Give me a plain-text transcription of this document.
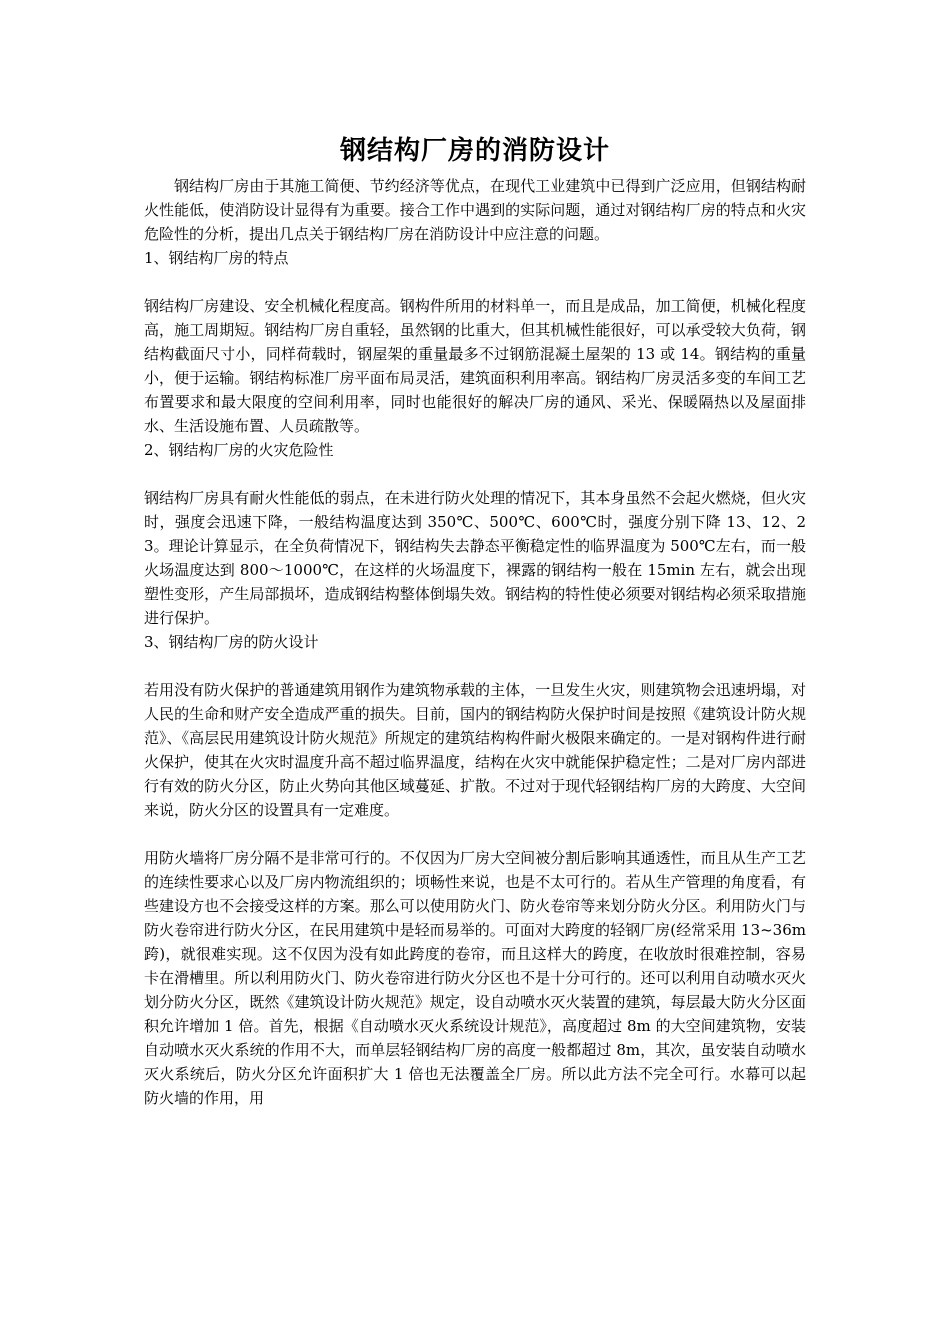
钢结构厂房的消防设计

钢结构厂房由于其施工简便、节约经济等优点，在现代工业建筑中已得到广泛应用，但钢结构耐火性能低，使消防设计显得有为重要。接合工作中遇到的实际问题，通过对钢结构厂房的特点和火灾危险性的分析，提出几点关于钢结构厂房在消防设计中应注意的问题。

1、钢结构厂房的特点

钢结构厂房建设、安全机械化程度高。钢构件所用的材料单一，而且是成品，加工简便，机械化程度高，施工周期短。钢结构厂房自重轻，虽然钢的比重大，但其机械性能很好，可以承受较大负荷，钢结构截面尺寸小，同样荷载时，钢屋架的重量最多不过钢筋混凝土屋架的 13 或 14。钢结构的重量小，便于运输。钢结构标准厂房平面布局灵活，建筑面积利用率高。钢结构厂房灵活多变的车间工艺布置要求和最大限度的空间利用率，同时也能很好的解决厂房的通风、采光、保暖隔热以及屋面排水、生活设施布置、人员疏散等。

2、钢结构厂房的火灾危险性

钢结构厂房具有耐火性能低的弱点，在未进行防火处理的情况下，其本身虽然不会起火燃烧，但火灾时，强度会迅速下降，一般结构温度达到 350℃、500℃、600℃时，强度分别下降 13、12、23。理论计算显示，在全负荷情况下，钢结构失去静态平衡稳定性的临界温度为 500℃左右，而一般火场温度达到 800～1000℃，在这样的火场温度下，裸露的钢结构一般在 15min 左右，就会出现塑性变形，产生局部损坏，造成钢结构整体倒塌失效。钢结构的特性使必须要对钢结构必须采取措施进行保护。

3、钢结构厂房的防火设计

若用没有防火保护的普通建筑用钢作为建筑物承载的主体，一旦发生火灾，则建筑物会迅速坍塌，对人民的生命和财产安全造成严重的损失。目前，国内的钢结构防火保护时间是按照《建筑设计防火规范》、《高层民用建筑设计防火规范》所规定的建筑结构构件耐火极限来确定的。一是对钢构件进行耐火保护，使其在火灾时温度升高不超过临界温度，结构在火灾中就能保护稳定性；二是对厂房内部进行有效的防火分区，防止火势向其他区域蔓延、扩散。不过对于现代轻钢结构厂房的大跨度、大空间来说，防火分区的设置具有一定难度。

用防火墙将厂房分隔不是非常可行的。不仅因为厂房大空间被分割后影响其通透性，而且从生产工艺的连续性要求心以及厂房内物流组织的；顷畅性来说，也是不太可行的。若从生产管理的角度看，有些建设方也不会接受这样的方案。那么可以使用防火门、防火卷帘等来划分防火分区。利用防火门与防火卷帘进行防火分区，在民用建筑中是轻而易举的。可面对大跨度的轻钢厂房(经常采用 13~36m 跨)，就很难实现。这不仅因为没有如此跨度的卷帘，而且这样大的跨度，在收放时很难控制，容易卡在滑槽里。所以利用防火门、防火卷帘进行防火分区也不是十分可行的。还可以利用自动喷水灭火划分防火分区，既然《建筑设计防火规范》规定，设自动喷水灭火装置的建筑，每层最大防火分区面积允许增加 1 倍。首先，根据《自动喷水灭火系统设计规范》，高度超过 8m 的大空间建筑物，安装自动喷水灭火系统的作用不大，而单层轻钢结构厂房的高度一般都超过 8m，其次，虽安装自动喷水灭火系统后，防火分区允许面积扩大 1 倍也无法覆盖全厂房。所以此方法不完全可行。水幕可以起防火墙的作用，用
